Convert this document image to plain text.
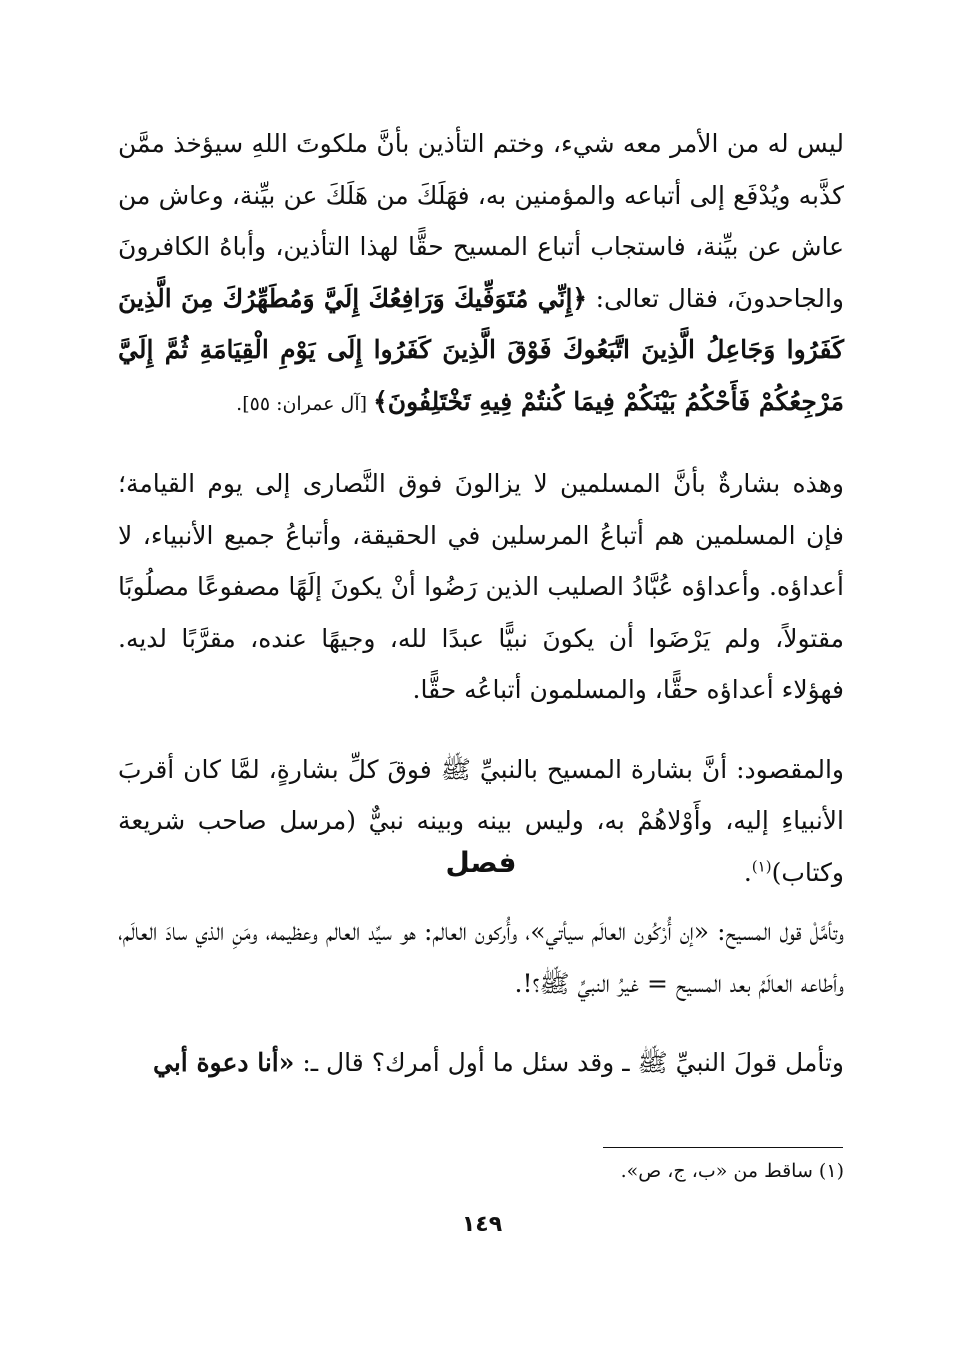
ليس له من الأمر معه شيء، وختم التأذين بأنَّ ملكوتَ اللهِ سيؤخذ ممَّن كذَّبه ويُدْفَع إلى أتباعه والمؤمنين به، فهَلَكَ من هَلَكَ عن بيِّنة، وعاش من عاش عن بيِّنة، فاستجاب أتباع المسيح حقًّا لهذا التأذين، وأباهُ الكافرونَ والجاحدونَ، فقال تعالى: ﴿إِنِّي مُتَوَفِّيكَ وَرَافِعُكَ إِلَيَّ وَمُطَهِّرُكَ مِنَ الَّذِينَ كَفَرُوا وَجَاعِلُ الَّذِينَ اتَّبَعُوكَ فَوْقَ الَّذِينَ كَفَرُوا إِلَى يَوْمِ الْقِيَامَةِ ثُمَّ إِلَيَّ مَرْجِعُكُمْ فَأَحْكُمُ بَيْنَكُمْ فِيمَا كُنتُمْ فِيهِ تَخْتَلِفُونَ﴾ [آل عمران: ٥٥].

وهذه بشارةٌ بأنَّ المسلمين لا يزالونَ فوق النَّصارى إلى يوم القيامة؛ فإن المسلمين هم أتباعُ المرسلين في الحقيقة، وأتباعُ جميع الأنبياء، لا أعداؤه. وأعداؤه عُبَّادُ الصليب الذين رَضُوا أنْ يكونَ إلَهًا مصفوعًا مصلُوبًا مقتولاً، ولم يَرْضَوا أن يكونَ نبيًّا عبدًا لله، وجيهًا عنده، مقرَّبًا لديه. فهؤلاء أعداؤه حقًّا، والمسلمون أتباعُه حقًّا.

والمقصود: أنَّ بشارة المسيح بالنبيِّ ﷺ فوقَ كلِّ بشارةٍ، لمَّا كان أقربَ الأنبياءِ إليه، وأَوْلاهُمْ به، وليس بينه وبينه نبيٌّ (مرسل صاحب شريعة وكتاب)$^{(١)}$.

فصل

وتأمَّلْ قول المسيح: «إن أُرْكُون العالَم سيأتي»، وأُركون العالم: هو سيِّد العالم وعظيمه، ومَنِ الذي سادَ العالَم، وأطاعه العالَمُ بعد المسيح = غيرُ النبيِّ ﷺ؟!.

وتأمل قولَ النبيِّ ﷺ ـ وقد سئل ما أول أمرك؟ قال ـ: «أنا دعوة أبي

(١) ساقط من «ب، ج، ص».

١٤٩
